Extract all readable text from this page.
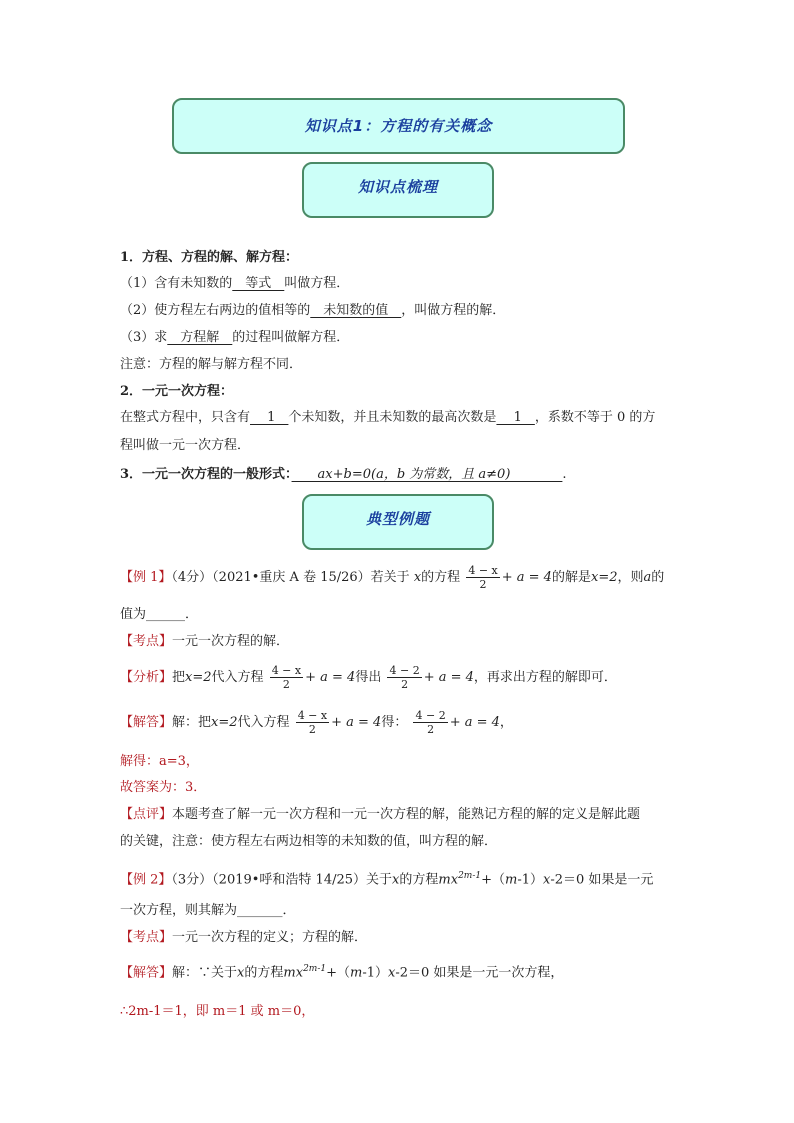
知识点1：方程的有关概念
知识点梳理
1．方程、方程的解、解方程：
（1）含有未知数的　等式　叫做方程．
（2）使方程左右两边的值相等的　未知数的值　，叫做方程的解．
（3）求　方程解　的过程叫做解方程．
注意：方程的解与解方程不同．
2．一元一次方程：
在整式方程中，只含有　 1　个未知数，并且未知数的最高次数是　 1　，系数不等于 0 的方
程叫做一元一次方程．
3．一元一次方程的一般形式：　　ax+b=0(a，b 为常数，且 a≠0)　　　　.
典型例题
【例 1】（4分）（2021•重庆 A 卷 15/26）若关于 x的方程 $\frac{4 - x}{2} + a = 4$的解是x=2，则a的
值为______．
【考点】一元一次方程的解．
【分析】把x=2代入方程 $\frac{4 - x}{2} + a = 4$得出 $\frac{4 - 2}{2} + a = 4$，再求出方程的解即可．
【解答】解：把x=2代入方程 $\frac{4 - x}{2} + a = 4$得： $\frac{4 - 2}{2} + a = 4$，
解得：a=3，
故答案为：3．
【点评】本题考查了解一元一次方程和一元一次方程的解，能熟记方程的解的定义是解此题
的关键，注意：使方程左右两边相等的未知数的值，叫方程的解．
【例 2】（3分）（2019•呼和浩特 14/25）关于x的方程$mx^{2m-1}+(m-1)x-2=0$ 如果是一元
一次方程，则其解为_______．
【考点】一元一次方程的定义；方程的解．
【解答】解：∵关于x的方程$mx^{2m-1}+(m-1)x-2=0$ 如果是一元一次方程，
∴2m-1＝1，即 m＝1 或 m＝0，
